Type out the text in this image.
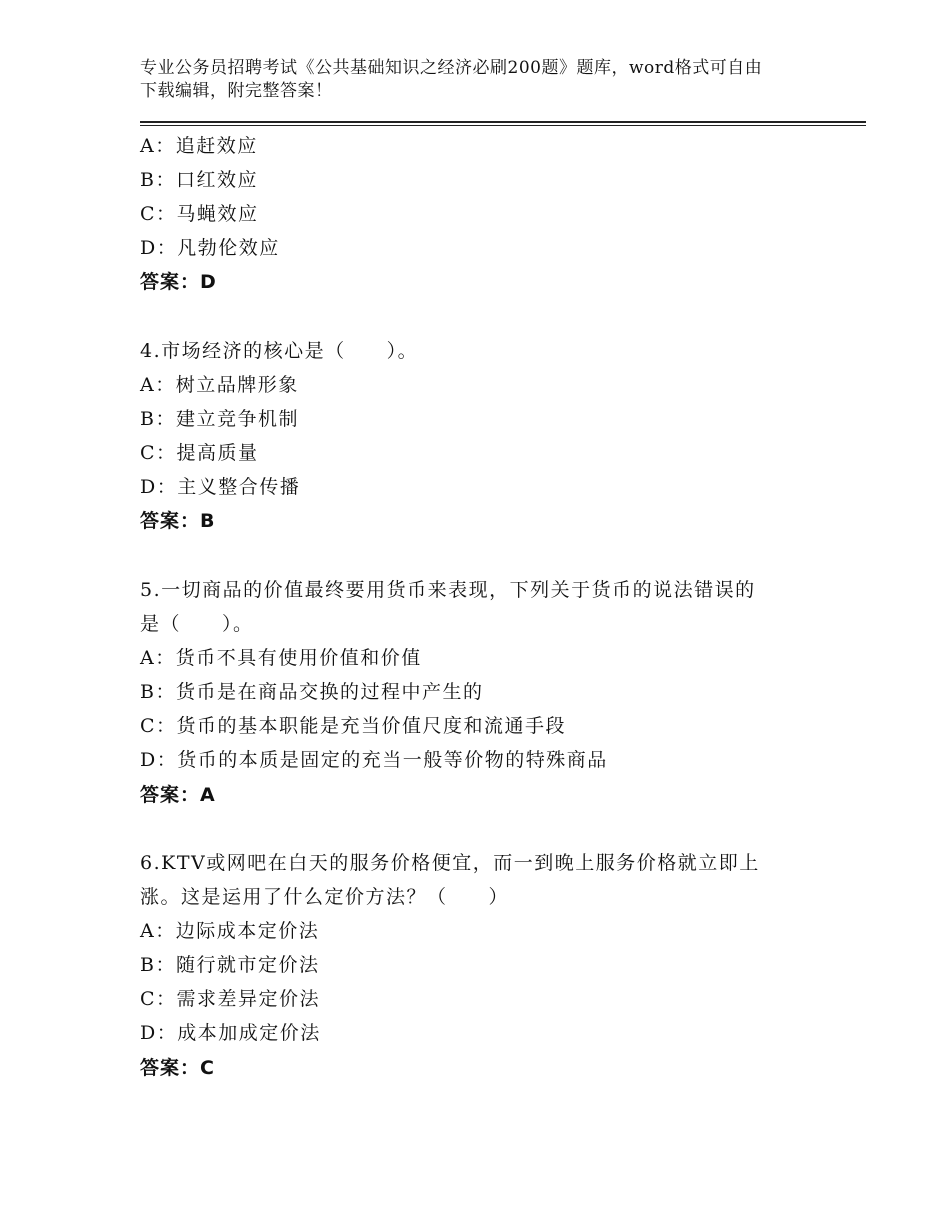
专业公务员招聘考试《公共基础知识之经济必刷200题》题库，word格式可自由
下载编辑，附完整答案！
A：追赶效应
B：口红效应
C：马蝇效应
D：凡勃伦效应
答案：D
4.市场经济的核心是（　　）。
A：树立品牌形象
B：建立竞争机制
C：提高质量
D：主义整合传播
答案：B
5.一切商品的价值最终要用货币来表现，下列关于货币的说法错误的
是（　　）。
A：货币不具有使用价值和价值
B：货币是在商品交换的过程中产生的
C：货币的基本职能是充当价值尺度和流通手段
D：货币的本质是固定的充当一般等价物的特殊商品
答案：A
6.KTV或网吧在白天的服务价格便宜，而一到晚上服务价格就立即上
涨。这是运用了什么定价方法？（　　）
A：边际成本定价法
B：随行就市定价法
C：需求差异定价法
D：成本加成定价法
答案：C
